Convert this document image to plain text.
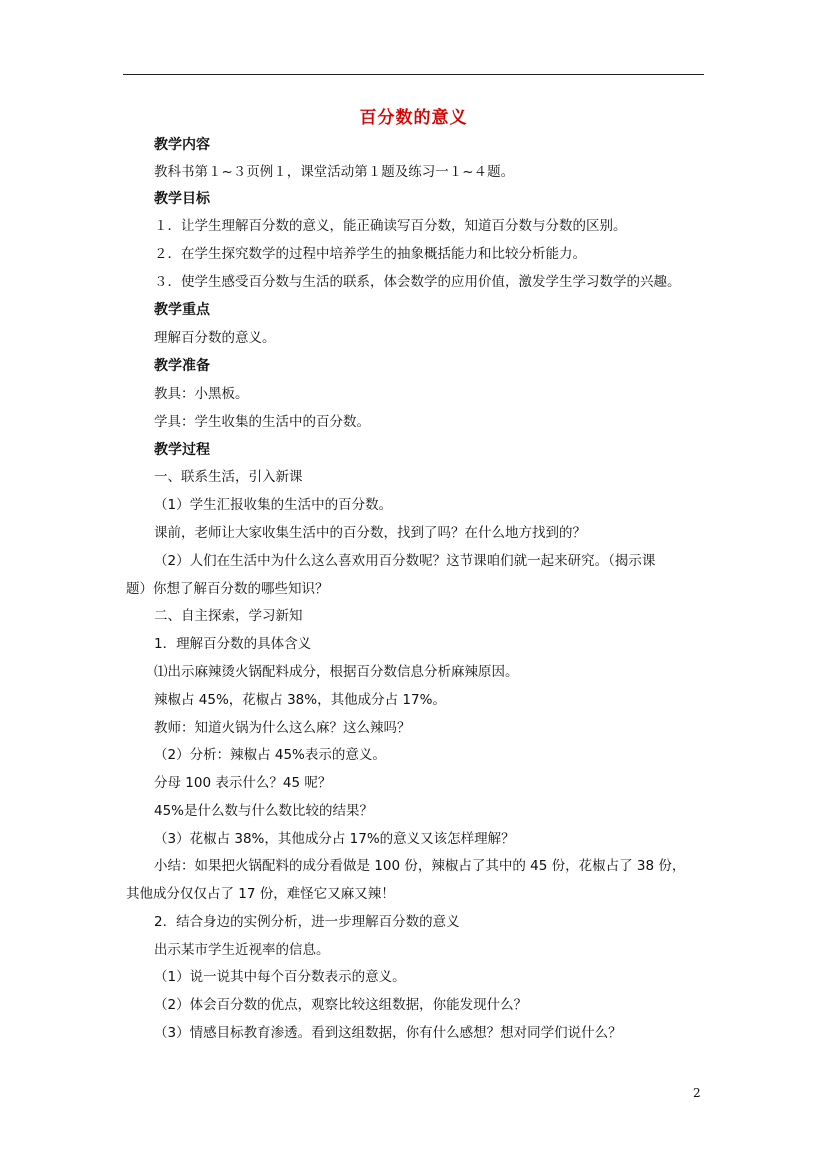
百分数的意义
教学内容
教科书第１~３页例１，课堂活动第１题及练习一１~４题。
教学目标
１．让学生理解百分数的意义，能正确读写百分数，知道百分数与分数的区别。
２．在学生探究数学的过程中培养学生的抽象概括能力和比较分析能力。
３．使学生感受百分数与生活的联系，体会数学的应用价值，激发学生学习数学的兴趣。
教学重点
理解百分数的意义。
教学准备
教具：小黑板。
学具：学生收集的生活中的百分数。
教学过程
一、联系生活，引入新课
（1）学生汇报收集的生活中的百分数。
课前，老师让大家收集生活中的百分数，找到了吗？在什么地方找到的？
（2）人们在生活中为什么这么喜欢用百分数呢？这节课咱们就一起来研究。（揭示课
题）你想了解百分数的哪些知识？
二、自主探索，学习新知
1．理解百分数的具体含义
⑴出示麻辣烫火锅配料成分，根据百分数信息分析麻辣原因。
辣椒占 45%，花椒占 38%，其他成分占 17%。
教师：知道火锅为什么这么麻？这么辣吗？
（2）分析：辣椒占 45%表示的意义。
分母 100 表示什么？45 呢？
45%是什么数与什么数比较的结果？
（3）花椒占 38%，其他成分占 17%的意义又该怎样理解？
小结：如果把火锅配料的成分看做是 100 份，辣椒占了其中的 45 份，花椒占了 38 份，
其他成分仅仅占了 17 份，难怪它又麻又辣！
2．结合身边的实例分析，进一步理解百分数的意义
出示某市学生近视率的信息。
（1）说一说其中每个百分数表示的意义。
（2）体会百分数的优点，观察比较这组数据，你能发现什么？
（3）情感目标教育渗透。看到这组数据，你有什么感想？想对同学们说什么？
2
